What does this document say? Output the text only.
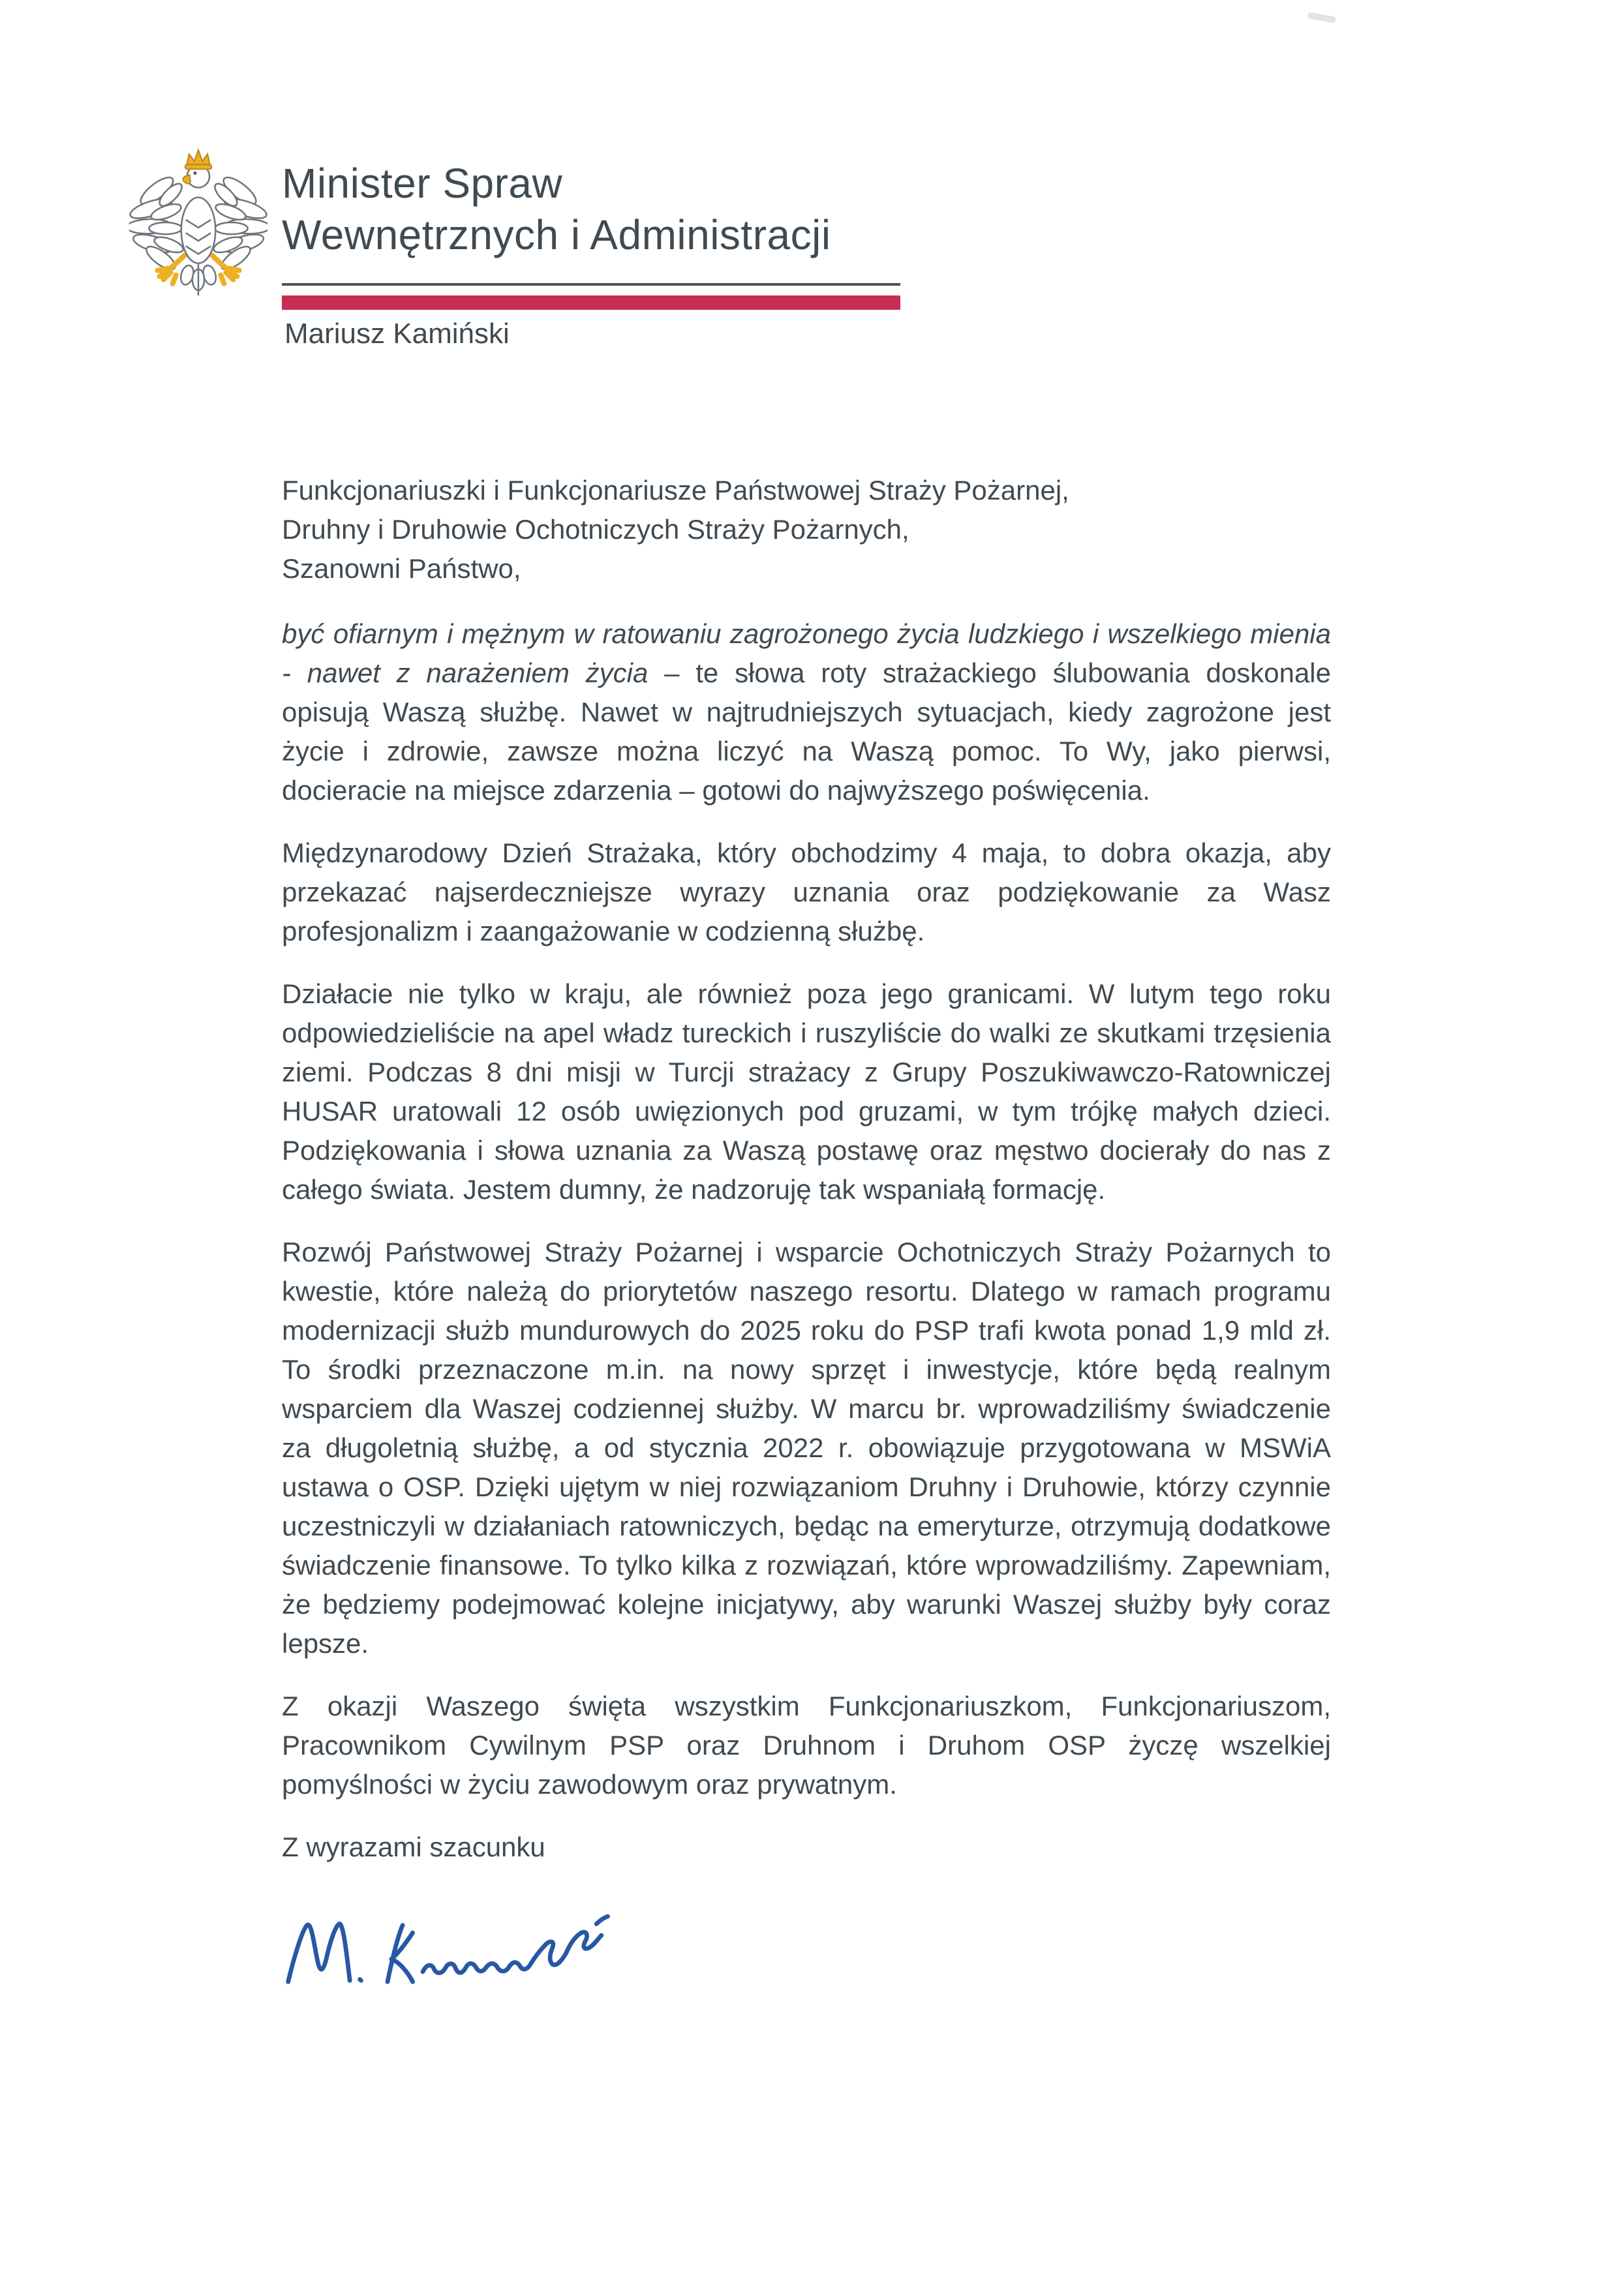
Minister Spraw
Wewnętrznych i Administracji
Mariusz Kamiński
Funkcjonariuszki i Funkcjonariusze Państwowej Straży Pożarnej,
Druhny i Druhowie Ochotniczych Straży Pożarnych,
Szanowni Państwo,

być ofiarnym i mężnym w ratowaniu zagrożonego życia ludzkiego i wszelkiego mienia - nawet z narażeniem życia – te słowa roty strażackiego ślubowania doskonale opisują Waszą służbę. Nawet w najtrudniejszych sytuacjach, kiedy zagrożone jest życie i zdrowie, zawsze można liczyć na Waszą pomoc. To Wy, jako pierwsi, docieracie na miejsce zdarzenia – gotowi do najwyższego poświęcenia.

Międzynarodowy Dzień Strażaka, który obchodzimy 4 maja, to dobra okazja, aby przekazać najserdeczniejsze wyrazy uznania oraz podziękowanie za Wasz profesjonalizm i zaangażowanie w codzienną służbę.

Działacie nie tylko w kraju, ale również poza jego granicami. W lutym tego roku odpowiedzieliście na apel władz tureckich i ruszyliście do walki ze skutkami trzęsienia ziemi. Podczas 8 dni misji w Turcji strażacy z Grupy Poszukiwawczo-Ratowniczej HUSAR uratowali 12 osób uwięzionych pod gruzami, w tym trójkę małych dzieci. Podziękowania i słowa uznania za Waszą postawę oraz męstwo docierały do nas z całego świata. Jestem dumny, że nadzoruję tak wspaniałą formację.

Rozwój Państwowej Straży Pożarnej i wsparcie Ochotniczych Straży Pożarnych to kwestie, które należą do priorytetów naszego resortu. Dlatego w ramach programu modernizacji służb mundurowych do 2025 roku do PSP trafi kwota ponad 1,9 mld zł. To środki przeznaczone m.in. na nowy sprzęt i inwestycje, które będą realnym wsparciem dla Waszej codziennej służby. W marcu br. wprowadziliśmy świadczenie za długoletnią służbę, a od stycznia 2022 r. obowiązuje przygotowana w MSWiA ustawa o OSP. Dzięki ujętym w niej rozwiązaniom Druhny i Druhowie, którzy czynnie uczestniczyli w działaniach ratowniczych, będąc na emeryturze, otrzymują dodatkowe świadczenie finansowe. To tylko kilka z rozwiązań, które wprowadziliśmy. Zapewniam, że będziemy podejmować kolejne inicjatywy, aby warunki Waszej służby były coraz lepsze.

Z okazji Waszego święta wszystkim Funkcjonariuszkom, Funkcjonariuszom, Pracownikom Cywilnym PSP oraz Druhnom i Druhom OSP życzę wszelkiej pomyślności w życiu zawodowym oraz prywatnym.

Z wyrazami szacunku
